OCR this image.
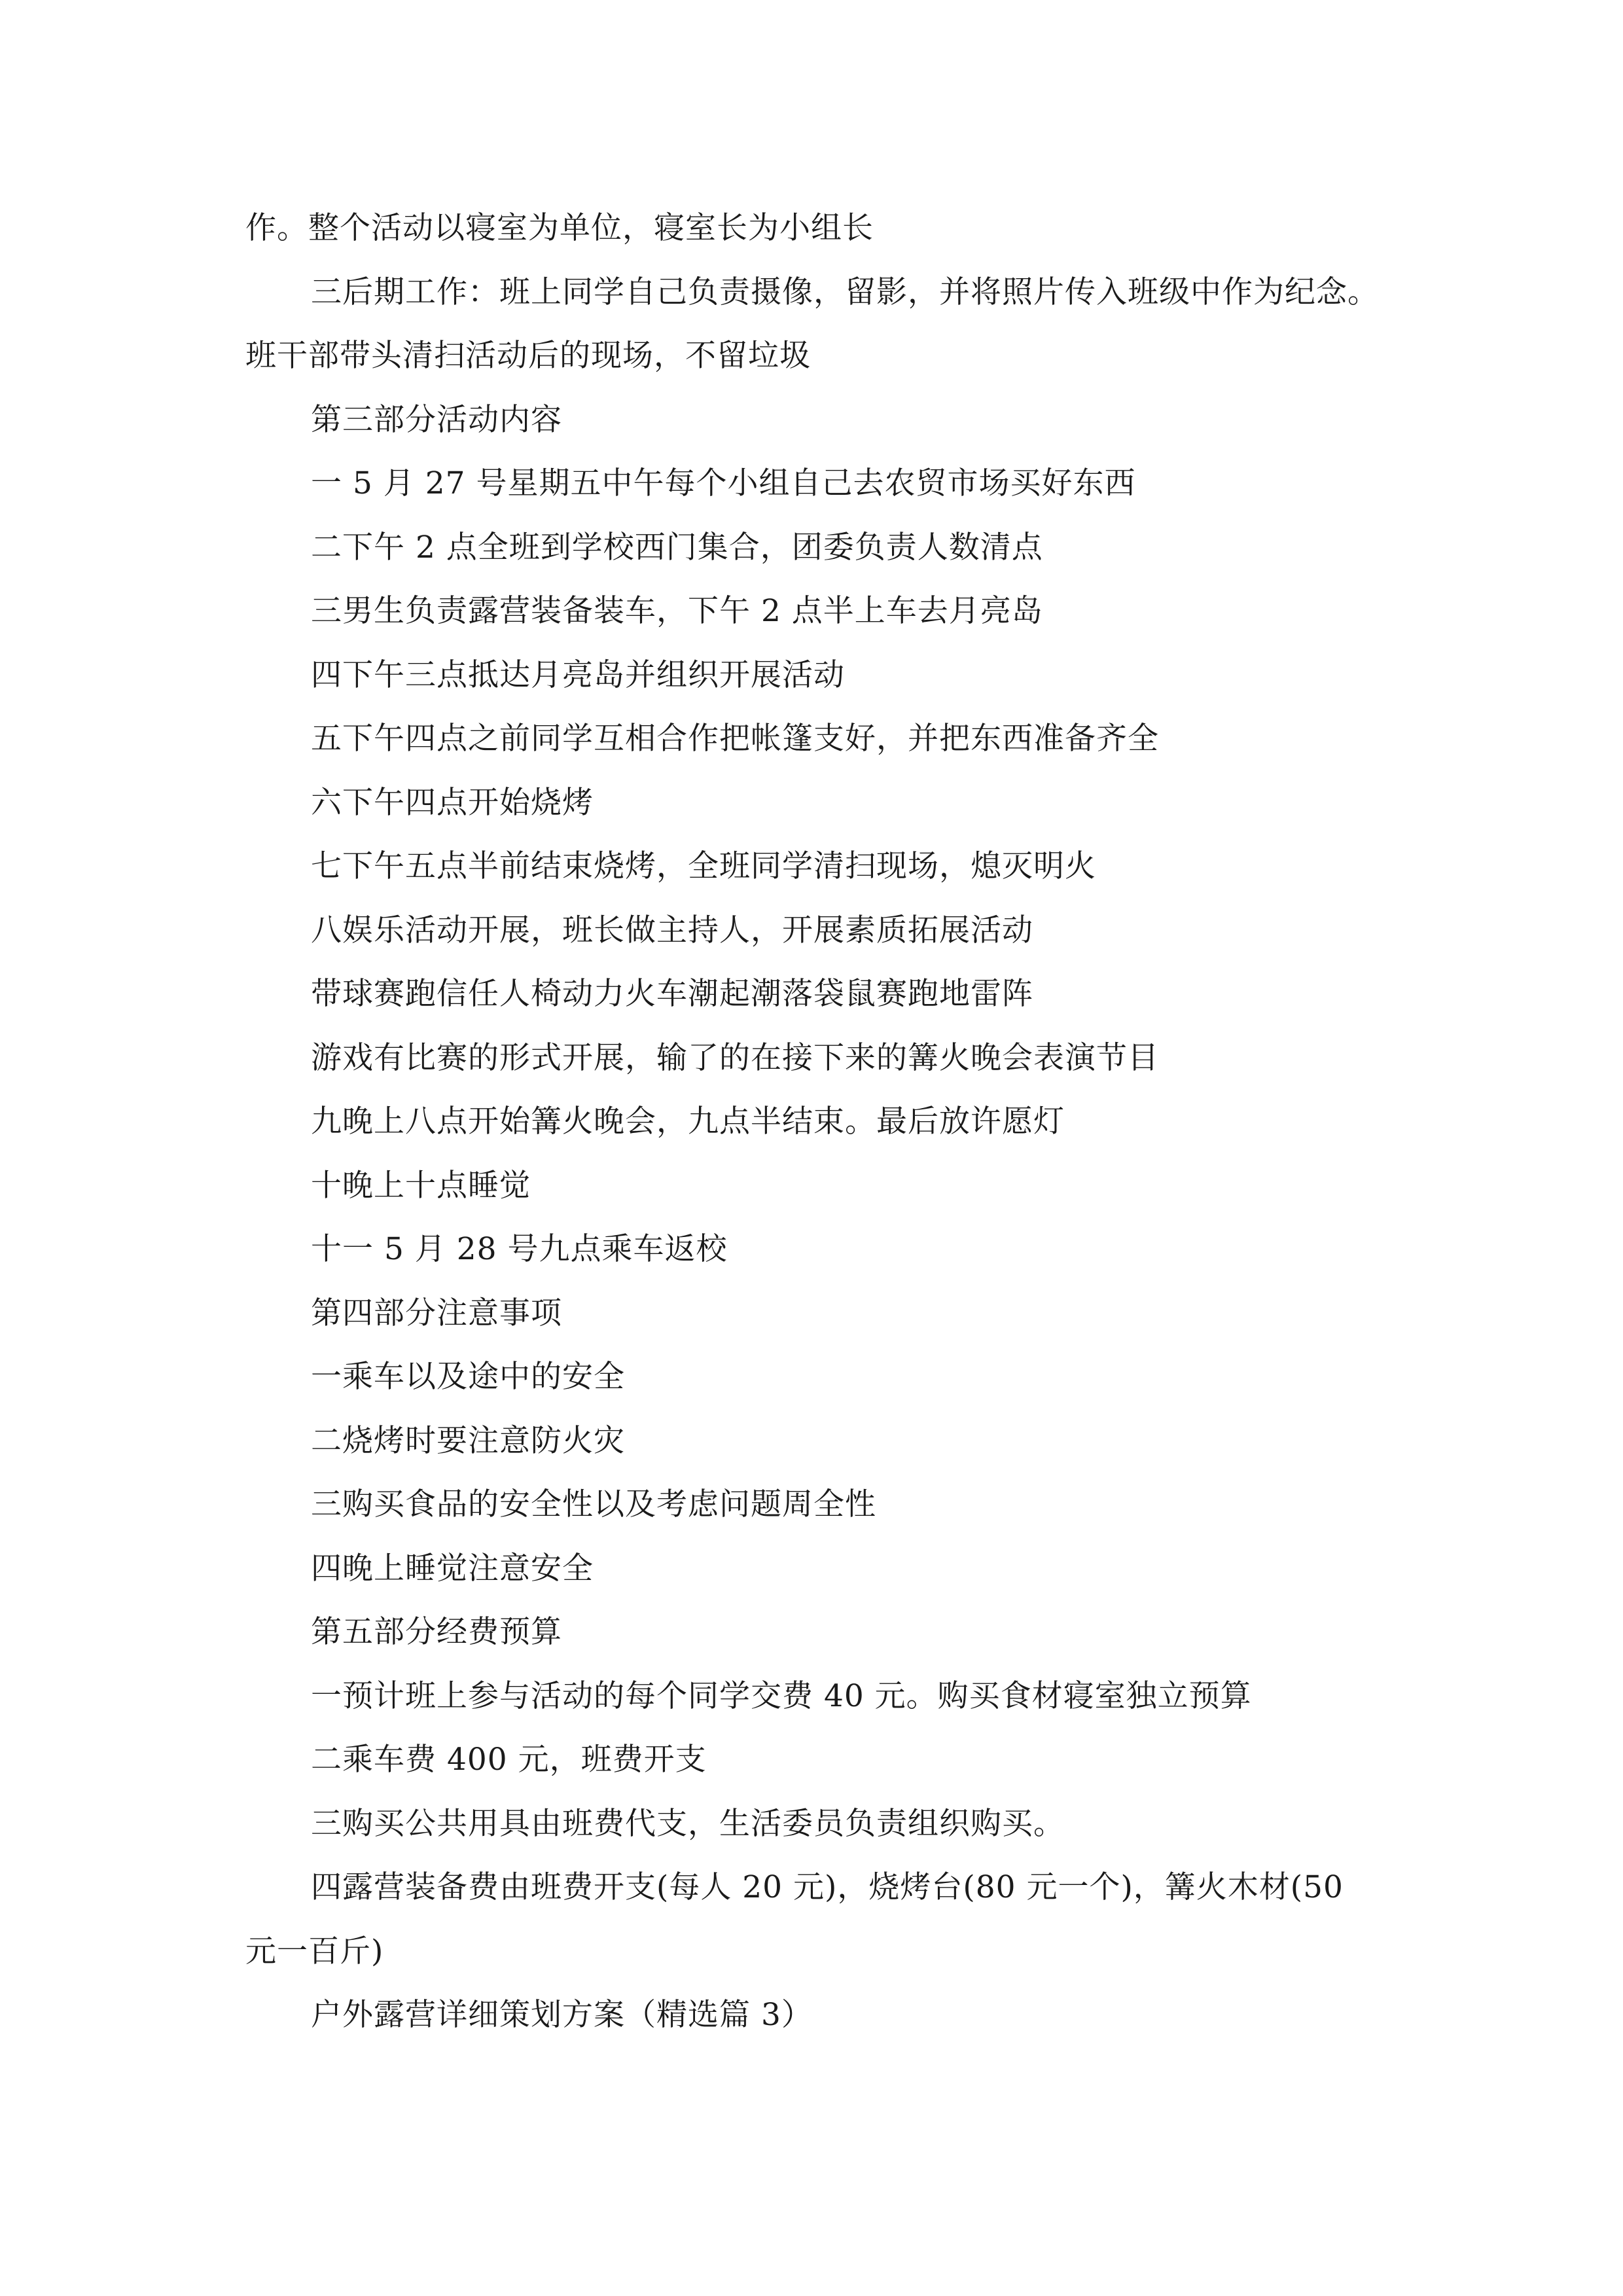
作。整个活动以寝室为单位，寝室长为小组长
三后期工作：班上同学自己负责摄像，留影，并将照片传入班级中作为纪念。
班干部带头清扫活动后的现场，不留垃圾
第三部分活动内容
一 5 月 27 号星期五中午每个小组自己去农贸市场买好东西
二下午 2 点全班到学校西门集合，团委负责人数清点
三男生负责露营装备装车，下午 2 点半上车去月亮岛
四下午三点抵达月亮岛并组织开展活动
五下午四点之前同学互相合作把帐篷支好，并把东西准备齐全
六下午四点开始烧烤
七下午五点半前结束烧烤，全班同学清扫现场，熄灭明火
八娱乐活动开展，班长做主持人，开展素质拓展活动
带球赛跑信任人椅动力火车潮起潮落袋鼠赛跑地雷阵
游戏有比赛的形式开展，输了的在接下来的篝火晚会表演节目
九晚上八点开始篝火晚会，九点半结束。最后放许愿灯
十晚上十点睡觉
十一 5 月 28 号九点乘车返校
第四部分注意事项
一乘车以及途中的安全
二烧烤时要注意防火灾
三购买食品的安全性以及考虑问题周全性
四晚上睡觉注意安全
第五部分经费预算
一预计班上参与活动的每个同学交费 40 元。购买食材寝室独立预算
二乘车费 400 元，班费开支
三购买公共用具由班费代支，生活委员负责组织购买。
四露营装备费由班费开支(每人 20 元)，烧烤台(80 元一个)，篝火木材(50
元一百斤)
户外露营详细策划方案（精选篇 3）
